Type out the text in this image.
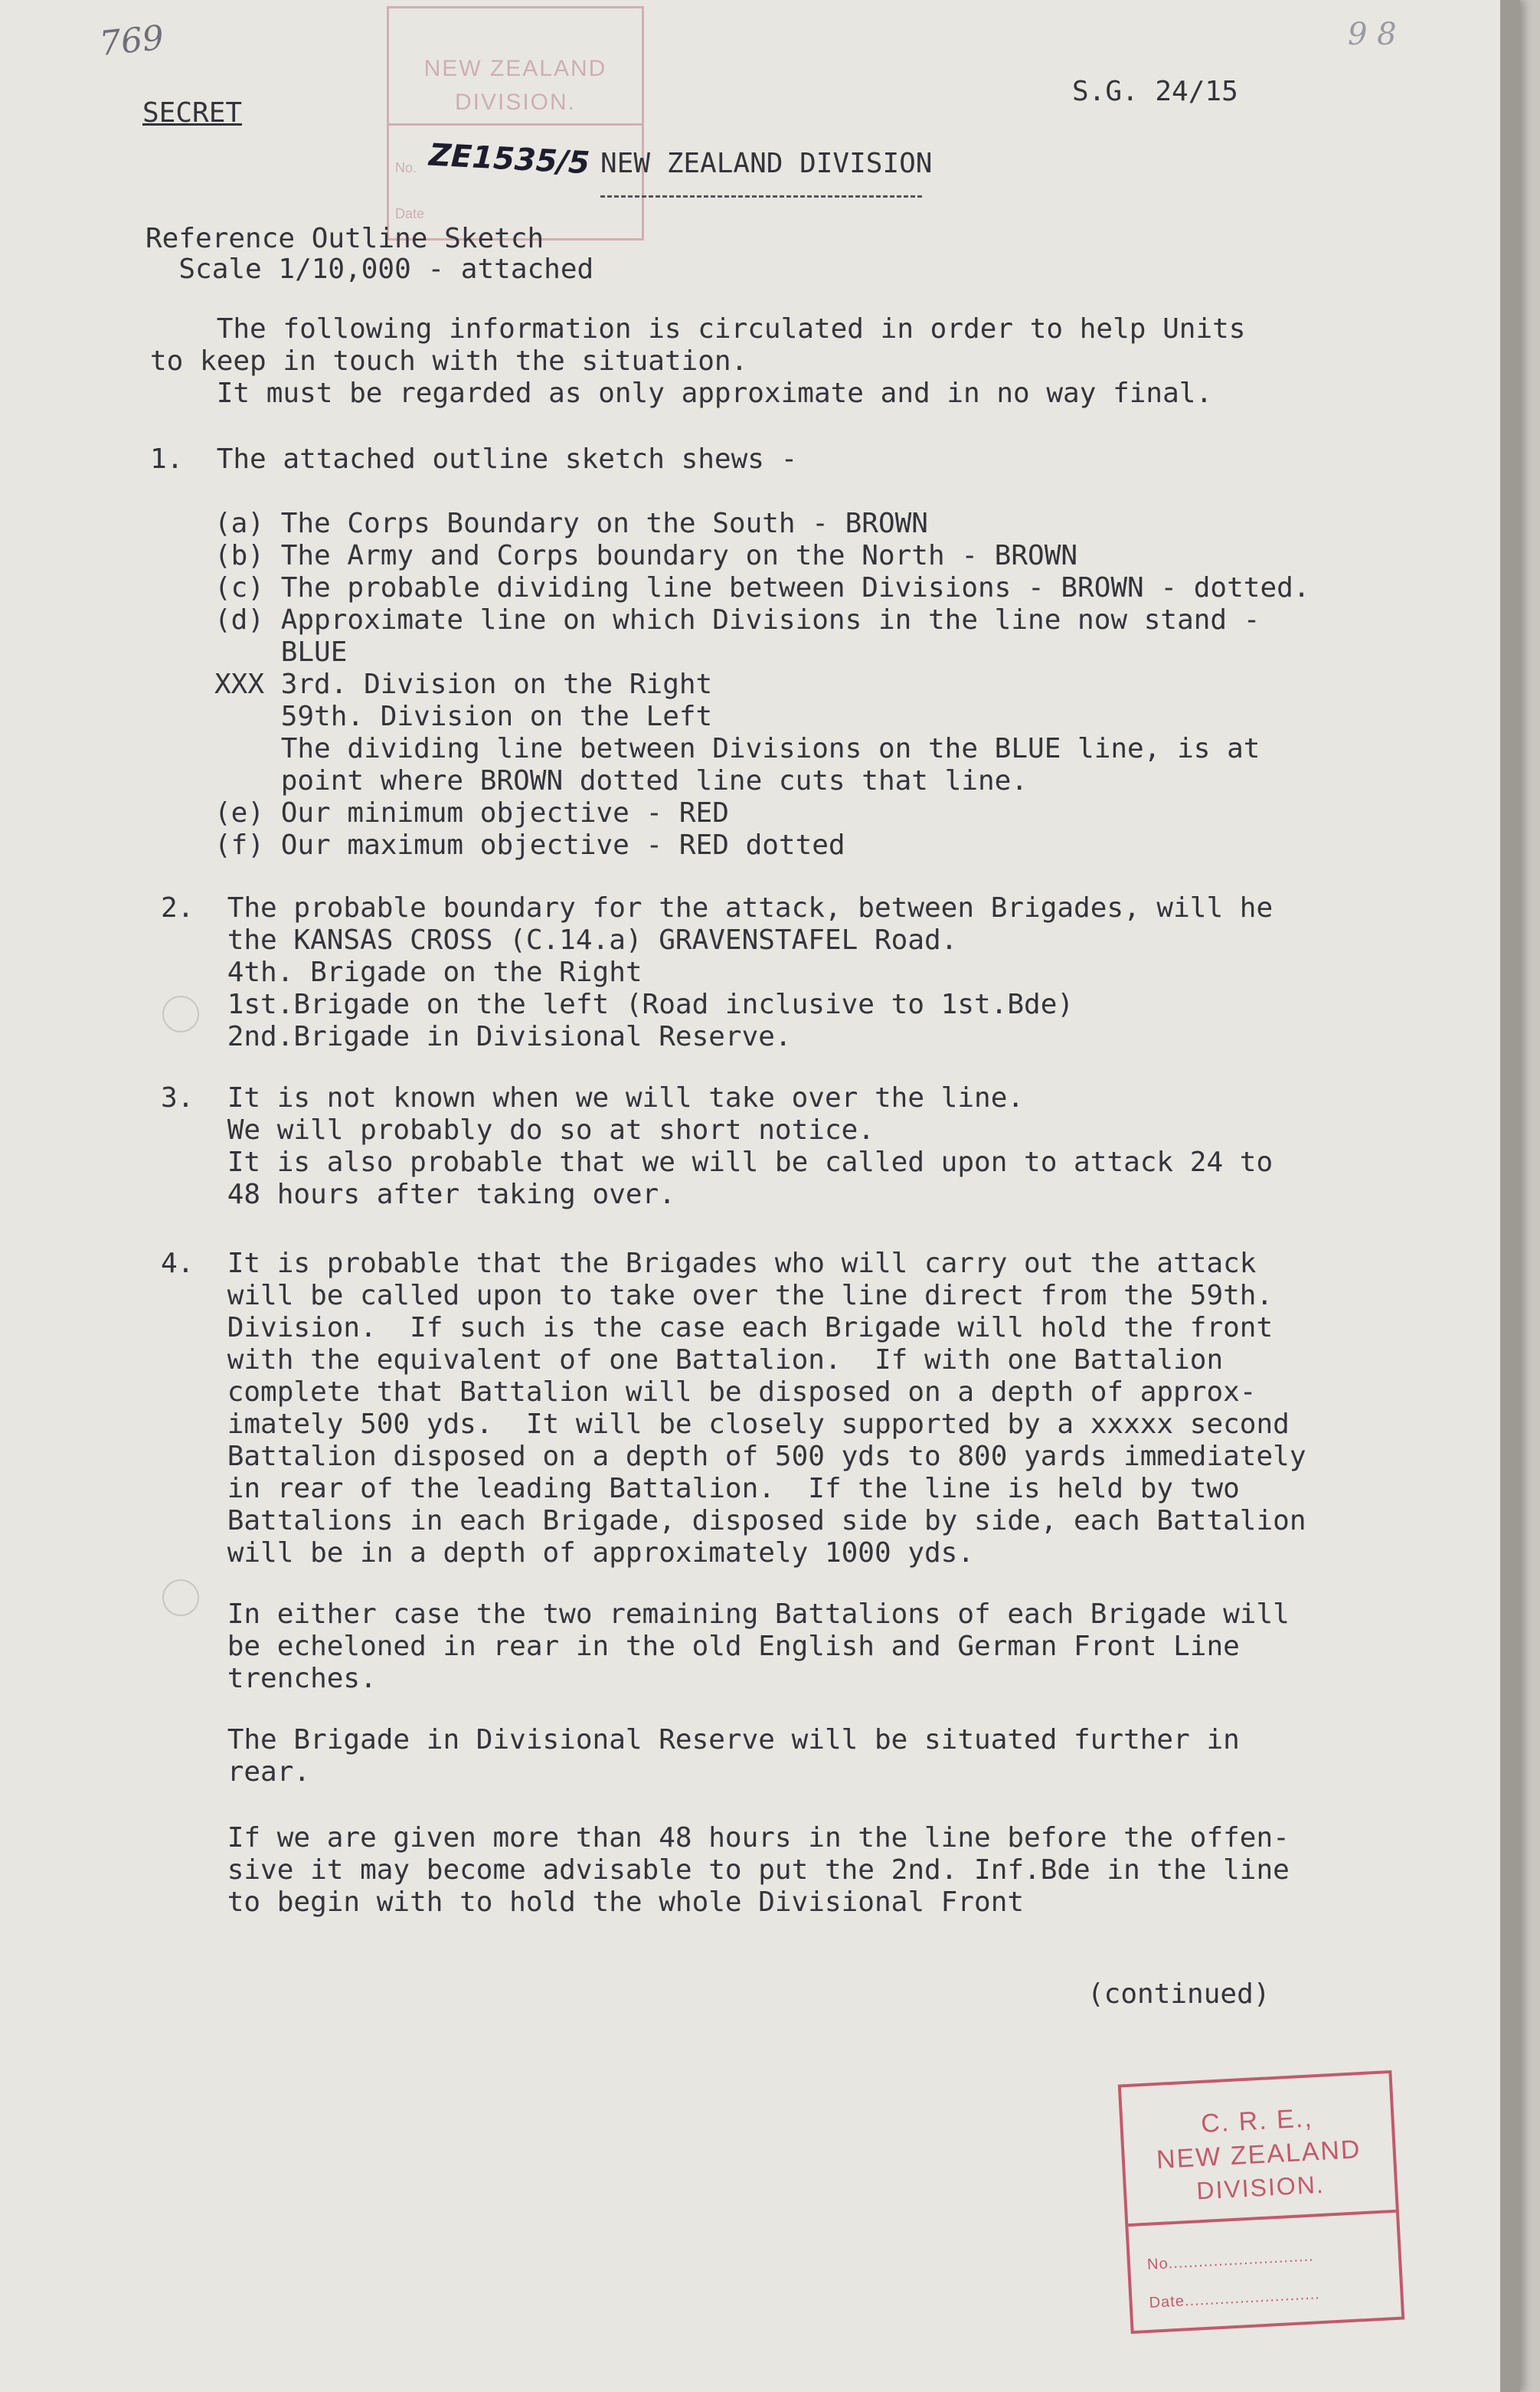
769	9 8
SECRET
S.G. 24/15
NEW ZEALAND
DIVISION.
No.
Date
ZE1535/5 NEW ZEALAND DIVISION
Reference Outline Sketch
Scale 1/10,000 - attached
The following information is circulated in order to help Units
to keep in touch with the situation.
It must be regarded as only approximate and in no way final.
1.  The attached outline sketch shews -
(a) The Corps Boundary on the South - BROWN
(b) The Army and Corps boundary on the North - BROWN
(c) The probable dividing line between Divisions - BROWN - dotted.
(d) Approximate line on which Divisions in the line now stand -
BLUE
XXX 3rd. Division on the Right
59th. Division on the Left
The dividing line between Divisions on the BLUE line, is at
point where BROWN dotted line cuts that line.
(e) Our minimum objective - RED
(f) Our maximum objective - RED dotted
2.  The probable boundary for the attack, between Brigades, will he
the KANSAS CROSS (C.14.a) GRAVENSTAFEL Road.
4th. Brigade on the Right
1st.Brigade on the left (Road inclusive to 1st.Bde)
2nd.Brigade in Divisional Reserve.
3.  It is not known when we will take over the line.
We will probably do so at short notice.
It is also probable that we will be called upon to attack 24 to
48 hours after taking over.
4.  It is probable that the Brigades who will carry out the attack
will be called upon to take over the line direct from the 59th.
Division.  If such is the case each Brigade will hold the front
with the equivalent of one Battalion.  If with one Battalion
complete that Battalion will be disposed on a depth of approx-
imately 500 yds.  It will be closely supported by a xxxxx second
Battalion disposed on a depth of 500 yds to 800 yards immediately
in rear of the leading Battalion.  If the line is held by two
Battalions in each Brigade, disposed side by side, each Battalion
will be in a depth of approximately 1000 yds.
In either case the two remaining Battalions of each Brigade will
be echeloned in rear in the old English and German Front Line
trenches.
The Brigade in Divisional Reserve will be situated further in
rear.
If we are given more than 48 hours in the line before the offen-
sive it may become advisable to put the 2nd. Inf.Bde in the line
to begin with to hold the whole Divisional Front
(continued)
C. R. E.,
NEW ZEALAND
DIVISION.
No.............................
Date...........................
